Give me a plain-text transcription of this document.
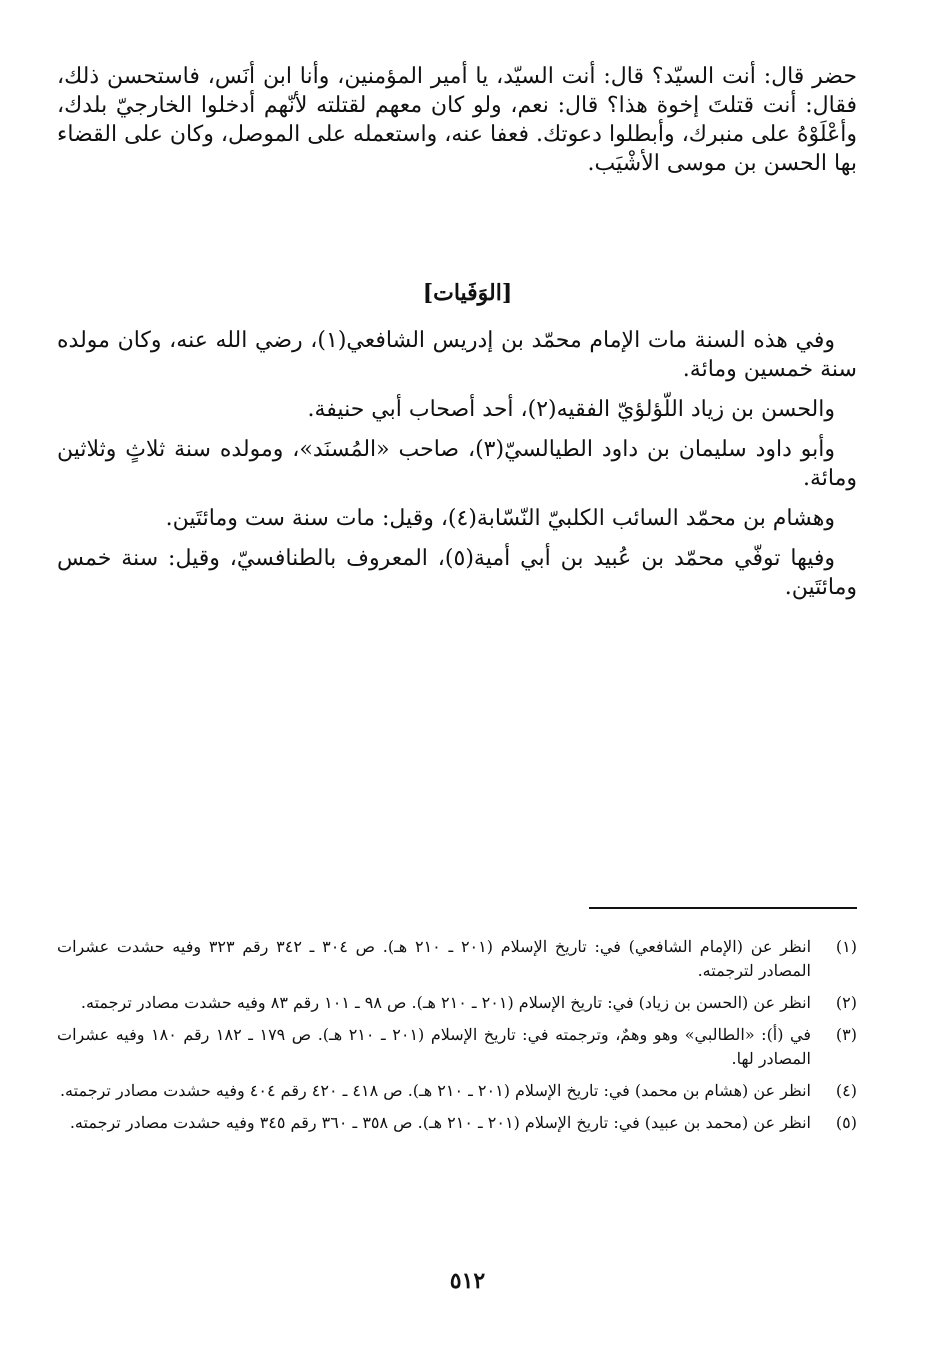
حضر قال: أنت السيّد؟ قال: أنت السيّد، يا أمير المؤمنين، وأنا ابن أنَس، فاستحسن ذلك، فقال: أنت قتلتَ إخوة هذا؟ قال: نعم، ولو كان معهم لقتلته لأنّهم أدخلوا الخارجيّ بلدك، وأعْلَوْهُ على منبرك، وأبطلوا دعوتك. فعفا عنه، واستعمله على الموصل، وكان على القضاء بها الحسن بن موسى الأشْيَب.

[الوَفَيات]

وفي هذه السنة مات الإمام محمّد بن إدريس الشافعي(١)، رضي الله عنه، وكان مولده سنة خمسين ومائة.

والحسن بن زياد اللّؤلؤيّ الفقيه(٢)، أحد أصحاب أبي حنيفة.

وأبو داود سليمان بن داود الطيالسيّ(٣)، صاحب «المُسنَد»، ومولده سنة ثلاثٍ وثلاثين ومائة.

وهشام بن محمّد السائب الكلبيّ النّسّابة(٤)، وقيل: مات سنة ست ومائتَين.

وفيها توفّي محمّد بن عُبيد بن أبي أمية(٥)، المعروف بالطنافسيّ، وقيل: سنة خمس ومائتَين.

(١)
انظر عن (الإمام الشافعي) في: تاريخ الإسلام (٢٠١ ـ ٢١٠ هـ). ص ٣٠٤ ـ ٣٤٢ رقم ٣٢٣ وفيه حشدت عشرات المصادر لترجمته.
(٢)
انظر عن (الحسن بن زياد) في: تاريخ الإسلام (٢٠١ ـ ٢١٠ هـ). ص ٩٨ ـ ١٠١ رقم ٨٣ وفيه حشدت مصادر ترجمته.
(٣)
في (أ): «الطالبي» وهو وهمٌ، وترجمته في: تاريخ الإسلام (٢٠١ ـ ٢١٠ هـ). ص ١٧٩ ـ ١٨٢ رقم ١٨٠ وفيه عشرات المصادر لها.
(٤)
انظر عن (هشام بن محمد) في: تاريخ الإسلام (٢٠١ ـ ٢١٠ هـ). ص ٤١٨ ـ ٤٢٠ رقم ٤٠٤ وفيه حشدت مصادر ترجمته.
(٥)
انظر عن (محمد بن عبيد) في: تاريخ الإسلام (٢٠١ ـ ٢١٠ هـ). ص ٣٥٨ ـ ٣٦٠ رقم ٣٤٥ وفيه حشدت مصادر ترجمته.
٥١٢
